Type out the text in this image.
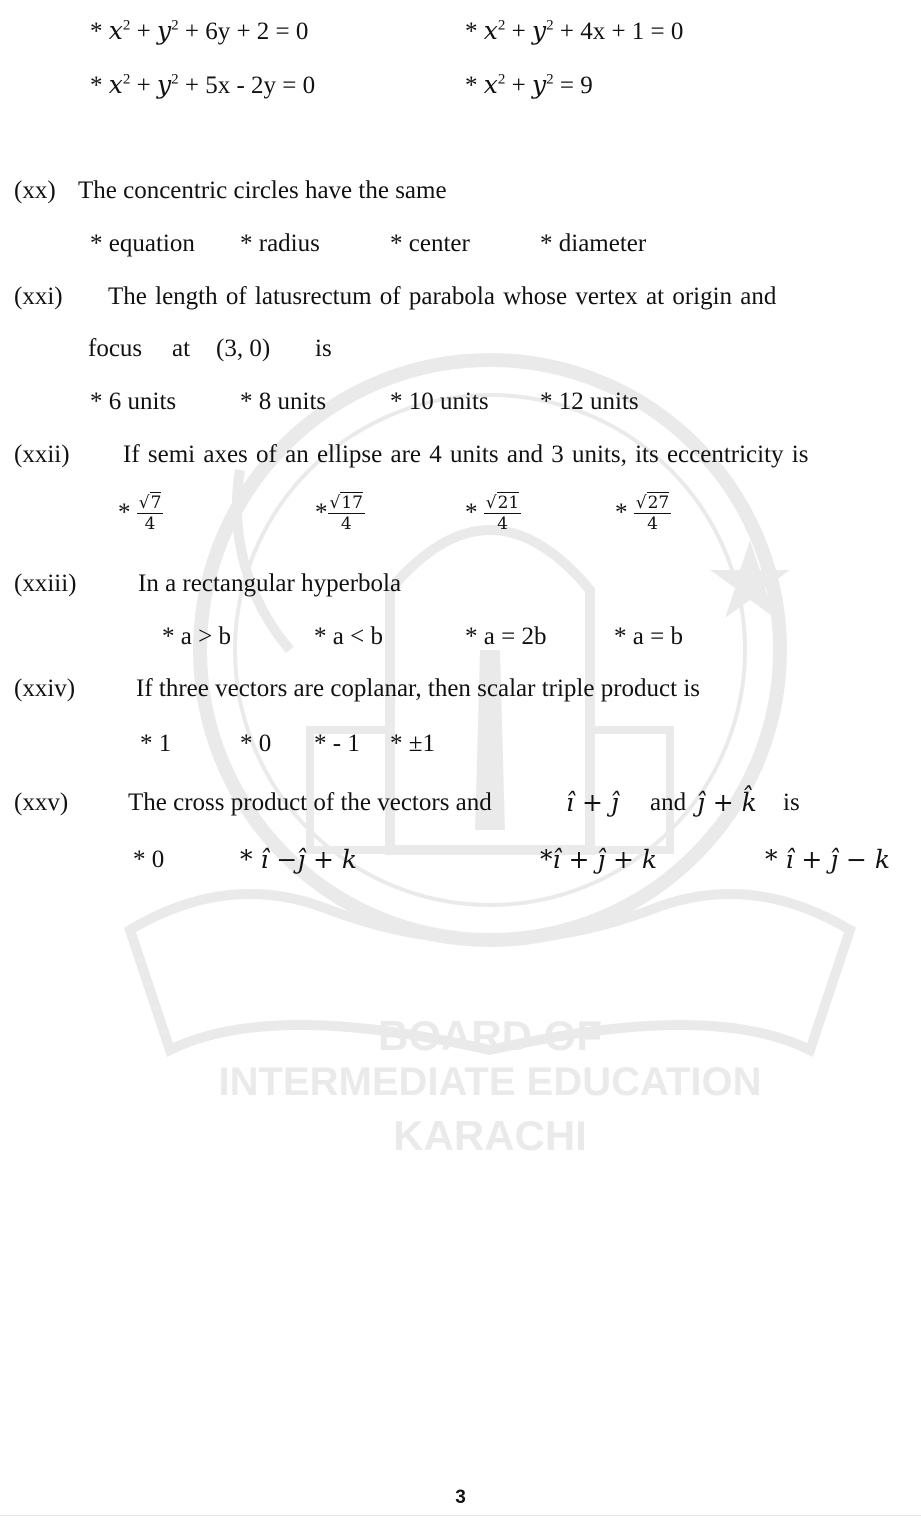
BOARD OF
INTERMEDIATE EDUCATION
KARACHI
* $x^2 + y^2 + 6y + 2 = 0$	* $x^2 + y^2 + 4x + 1 = 0$
* $x^2 + y^2 + 5x - 2y = 0$	* $x^2 + y^2 = 9$
(xx) The concentric circles have the same
* equation * radius	* center	* diameter
(xxi) The length of latusrectum of parabola whose vertex at origin and
focus at (3, 0) is
* 6 units	* 8 units	* 10 units * 12 units
(xxii) If semi axes of an ellipse are 4 units and 3 units, its eccentricity is
* $\frac{√7}{4}$	* $\frac{√17}{4}$	* $\frac{√21}{4}$	* $\frac{√27}{4}$
(xxiii) In a rectangular hyperbola
* a > b	* a < b	* a = 2b	* a = b
(xxiv) If three vectors are coplanar, then scalar triple product is
* 1	* 0 * - 1 * ±1
(xxv) The cross product of the vectors and	ı̂ + ȷ̂ and ȷ̂ + k̂ is
* 0	* ı̂ −ȷ̂ + k	*ı̂ + ȷ̂ + k	* ı̂ + ȷ̂ − k
3
